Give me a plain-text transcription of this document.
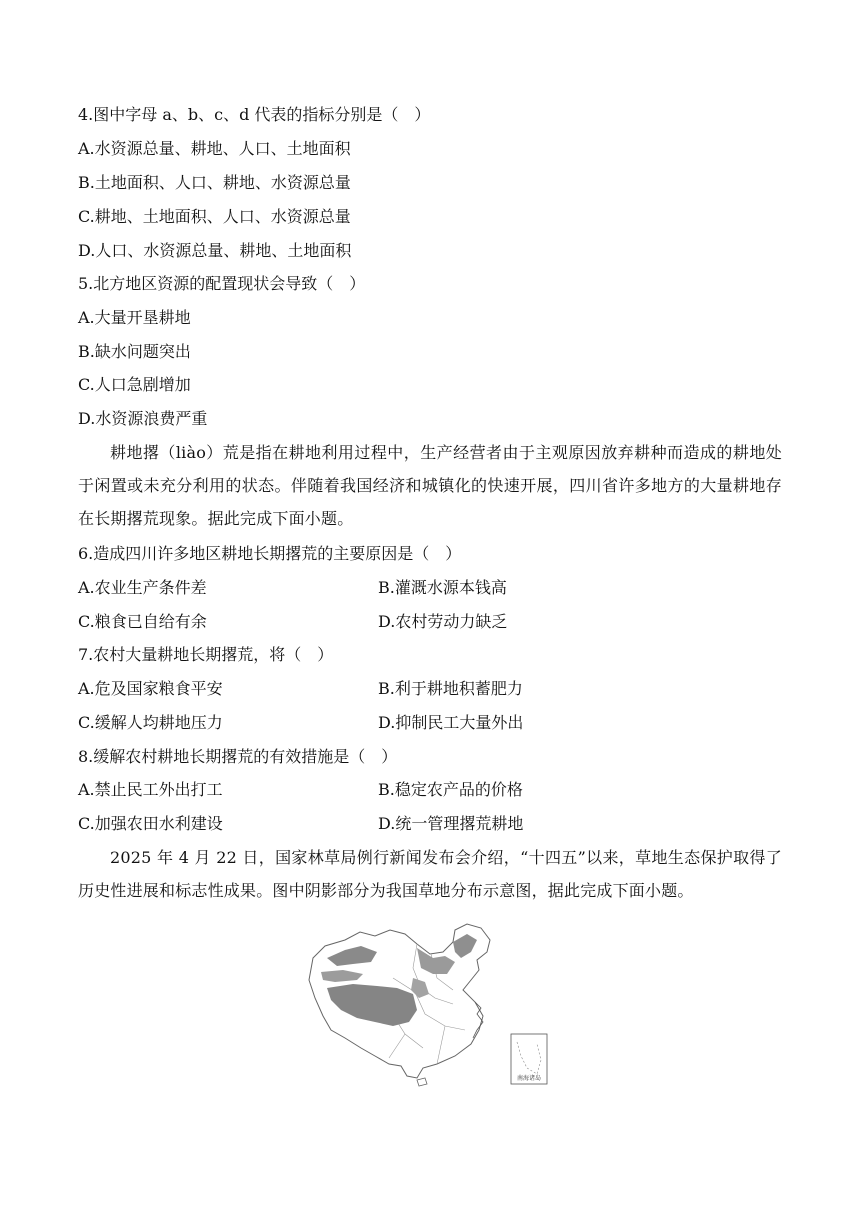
4.图中字母 a、b、c、d 代表的指标分别是（　）
A.水资源总量、耕地、人口、土地面积
B.土地面积、人口、耕地、水资源总量
C.耕地、土地面积、人口、水资源总量
D.人口、水资源总量、耕地、土地面积
5.北方地区资源的配置现状会导致（　）
A.大量开垦耕地
B.缺水问题突出
C.人口急剧增加
D.水资源浪费严重
耕地撂（liào）荒是指在耕地利用过程中，生产经营者由于主观原因放弃耕种而造成的耕地处于闲置或未充分利用的状态。伴随着我国经济和城镇化的快速开展，四川省许多地方的大量耕地存在长期撂荒现象。据此完成下面小题。
6.造成四川许多地区耕地长期撂荒的主要原因是（　）
A.农业生产条件差	B.灌溉水源本钱高
C.粮食已自给有余	D.农村劳动力缺乏
7.农村大量耕地长期撂荒，将（　）
A.危及国家粮食平安	B.利于耕地积蓄肥力
C.缓解人均耕地压力	D.抑制民工大量外出
8.缓解农村耕地长期撂荒的有效措施是（　）
A.禁止民工外出打工	B.稳定农产品的价格
C.加强农田水利建设	D.统一管理撂荒耕地
2025 年 4 月 22 日，国家林草局例行新闻发布会介绍，“十四五”以来，草地生态保护取得了历史性进展和标志性成果。图中阴影部分为我国草地分布示意图，据此完成下面小题。
南海诸岛
